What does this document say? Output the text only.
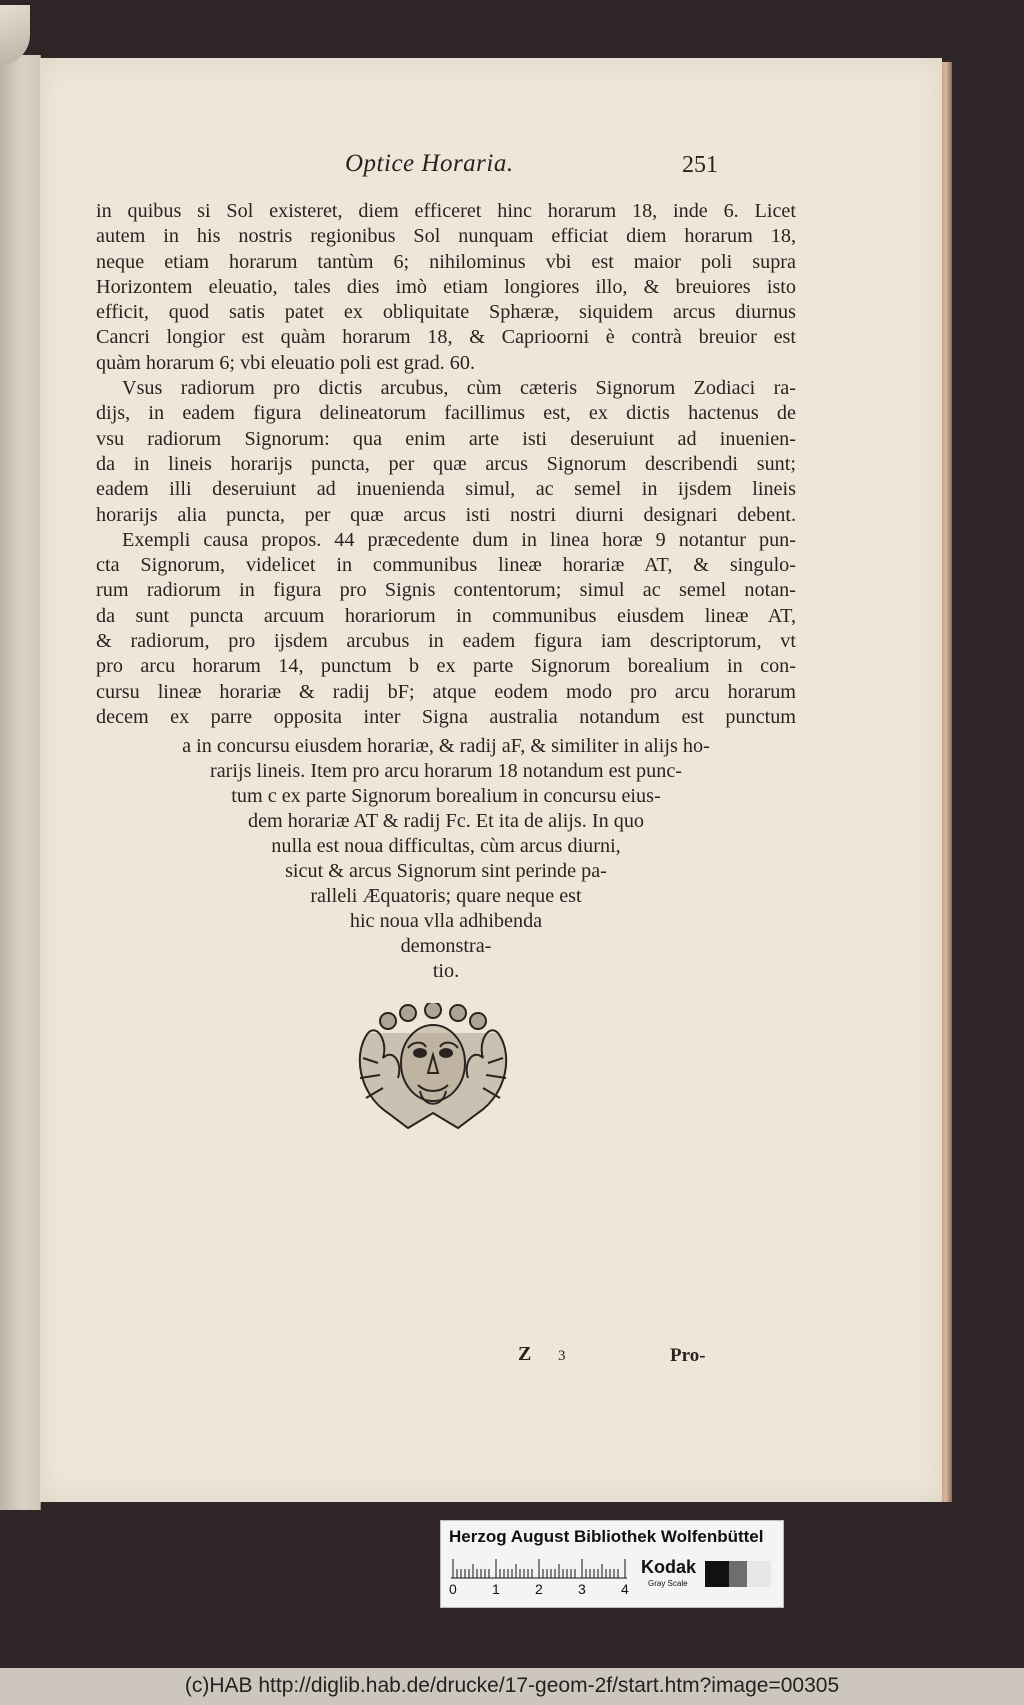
Optice Horaria.	251
in quibus si Sol existeret, diem efficeret hinc horarum 18, inde 6. Licet
autem in his nostris regionibus Sol nunquam efficiat diem horarum 18,
neque etiam horarum tantùm 6; nihilominus vbi est maior poli supra
Horizontem eleuatio, tales dies imò etiam longiores illo, & breuiores isto
efficit, quod satis patet ex obliquitate Sphæræ, siquidem arcus diurnus
Cancri longior est quàm horarum 18, & Caprioorni è contrà breuior est
quàm horarum 6; vbi eleuatio poli est grad. 60.
Vsus radiorum pro dictis arcubus, cùm cæteris Signorum Zodiaci ra-
dijs, in eadem figura delineatorum facillimus est, ex dictis hactenus de
vsu radiorum Signorum: qua enim arte isti deseruiunt ad inuenien-
da in lineis horarijs puncta, per quæ arcus Signorum describendi sunt;
eadem illi deseruiunt ad inuenienda simul, ac semel in ijsdem lineis
horarijs alia puncta, per quæ arcus isti nostri diurni designari debent.
Exempli causa propos. 44 præcedente dum in linea horæ 9 notantur pun-
cta Signorum, videlicet in communibus lineæ horariæ AT, & singulo-
rum radiorum in figura pro Signis contentorum; simul ac semel notan-
da sunt puncta arcuum horariorum in communibus eiusdem lineæ AT,
& radiorum, pro ijsdem arcubus in eadem figura iam descriptorum, vt
pro arcu horarum 14, punctum b ex parte Signorum borealium in con-
cursu lineæ horariæ & radij bF; atque eodem modo pro arcu horarum
decem ex parre opposita inter Signa australia notandum est punctum
a in concursu eiusdem horariæ, & radij aF, & similiter in alijs ho-
rarijs lineis. Item pro arcu horarum 18 notandum est punc-
tum c ex parte Signorum borealium in concursu eius-
dem horariæ AT & radij Fc. Et ita de alijs. In quo
nulla est noua difficultas, cùm arcus diurni,
sicut & arcus Signorum sint perinde pa-
ralleli Æquatoris; quare neque est
hic noua vlla adhibenda
demonstra-
tio.
Z 3	Pro-
Herzog August Bibliothek Wolfenbüttel
0	1	2	3	4
Kodak
Gray Scale
(c)HAB http://diglib.hab.de/drucke/17-geom-2f/start.htm?image=00305
